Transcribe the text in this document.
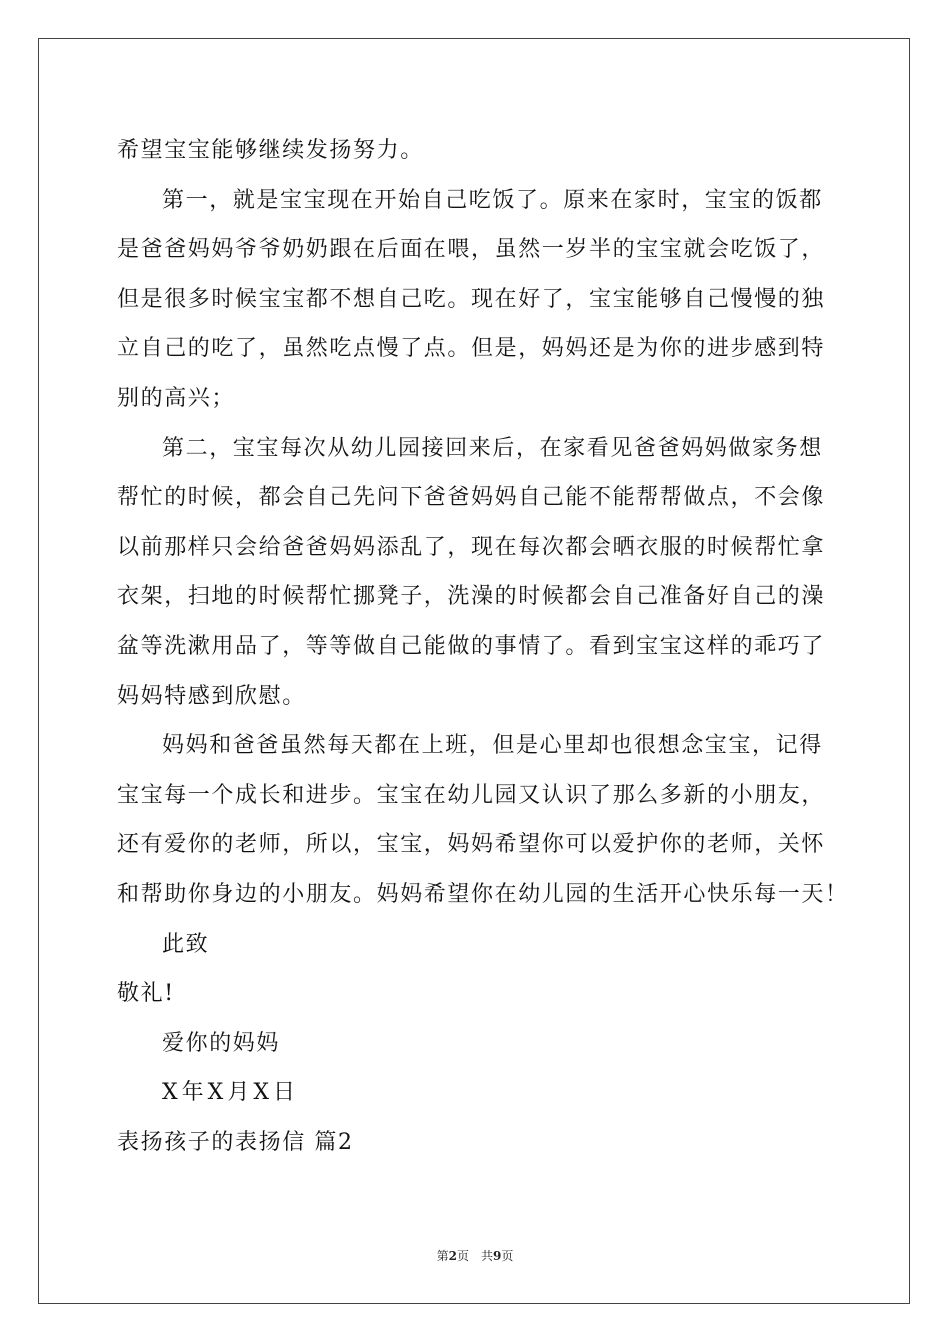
希望宝宝能够继续发扬努力。
第一，就是宝宝现在开始自己吃饭了。原来在家时，宝宝的饭都
是爸爸妈妈爷爷奶奶跟在后面在喂，虽然一岁半的宝宝就会吃饭了，
但是很多时候宝宝都不想自己吃。现在好了，宝宝能够自己慢慢的独
立自己的吃了，虽然吃点慢了点。但是，妈妈还是为你的进步感到特
别的高兴；
第二，宝宝每次从幼儿园接回来后，在家看见爸爸妈妈做家务想
帮忙的时候，都会自己先问下爸爸妈妈自己能不能帮帮做点，不会像
以前那样只会给爸爸妈妈添乱了，现在每次都会晒衣服的时候帮忙拿
衣架，扫地的时候帮忙挪凳子，洗澡的时候都会自己准备好自己的澡
盆等洗漱用品了，等等做自己能做的事情了。看到宝宝这样的乖巧了
妈妈特感到欣慰。
妈妈和爸爸虽然每天都在上班，但是心里却也很想念宝宝，记得
宝宝每一个成长和进步。宝宝在幼儿园又认识了那么多新的小朋友，
还有爱你的老师，所以，宝宝，妈妈希望你可以爱护你的老师，关怀
和帮助你身边的小朋友。妈妈希望你在幼儿园的生活开心快乐每一天！
此致
敬礼!
爱你的妈妈
X年X月X日
表扬孩子的表扬信 篇2
第2页　共9页
